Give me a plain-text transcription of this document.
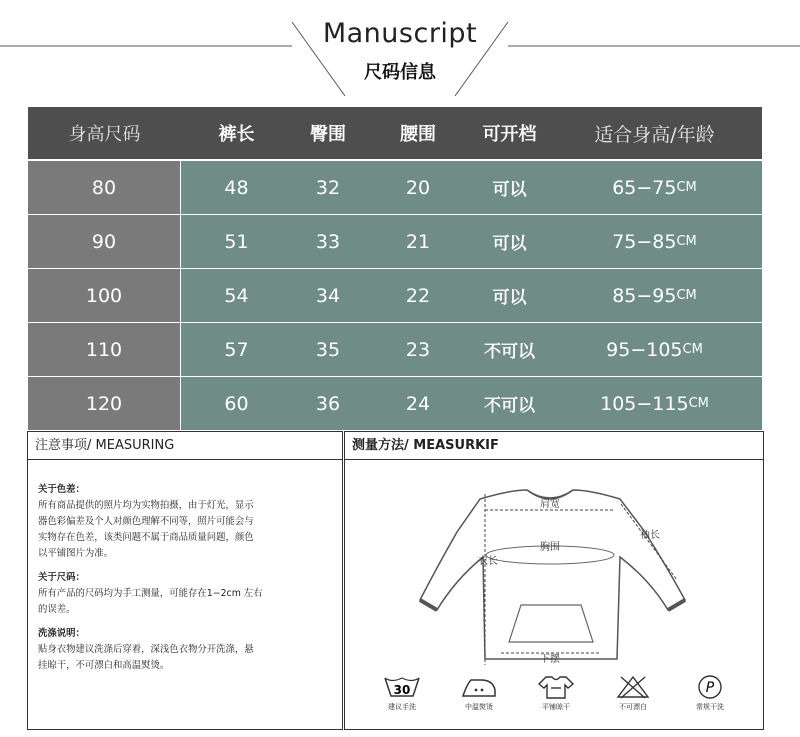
Manuscript
尺码信息
身高尺码	裤长	臀围	腰围	可开档	适合身高/年龄
80	48	32	20	可以	65−75 CM
90	51	33	21	可以	75−85 CM
100	54	34	22	可以	85−95 CM
110	57	35	23	不可以	95−105 CM
120	60	36	24	不可以	105−115 CM
注意事项/ MEASURING
关于色差：
所有商品提供的照片均为实物拍摄，由于灯光，显示
器色彩偏差及个人对颜色理解不同等，照片可能会与
实物存在色差，该类问题不属于商品质量问题，颜色
以平铺图片为准。
关于尺码：
所有产品的尺码均为手工测量，可能存在1−2cm 左右
的误差。
洗涤说明：
贴身衣物建议洗涤后穿着，深浅色衣物分开洗涤，悬
挂晾干，不可漂白和高温熨烫。
测量方法/ MEASURKIF
肩宽
袖长
胸围
衣长
下摆
30
建议手洗	中温熨烫	平铺晾干	不可漂白
P
常规干洗
